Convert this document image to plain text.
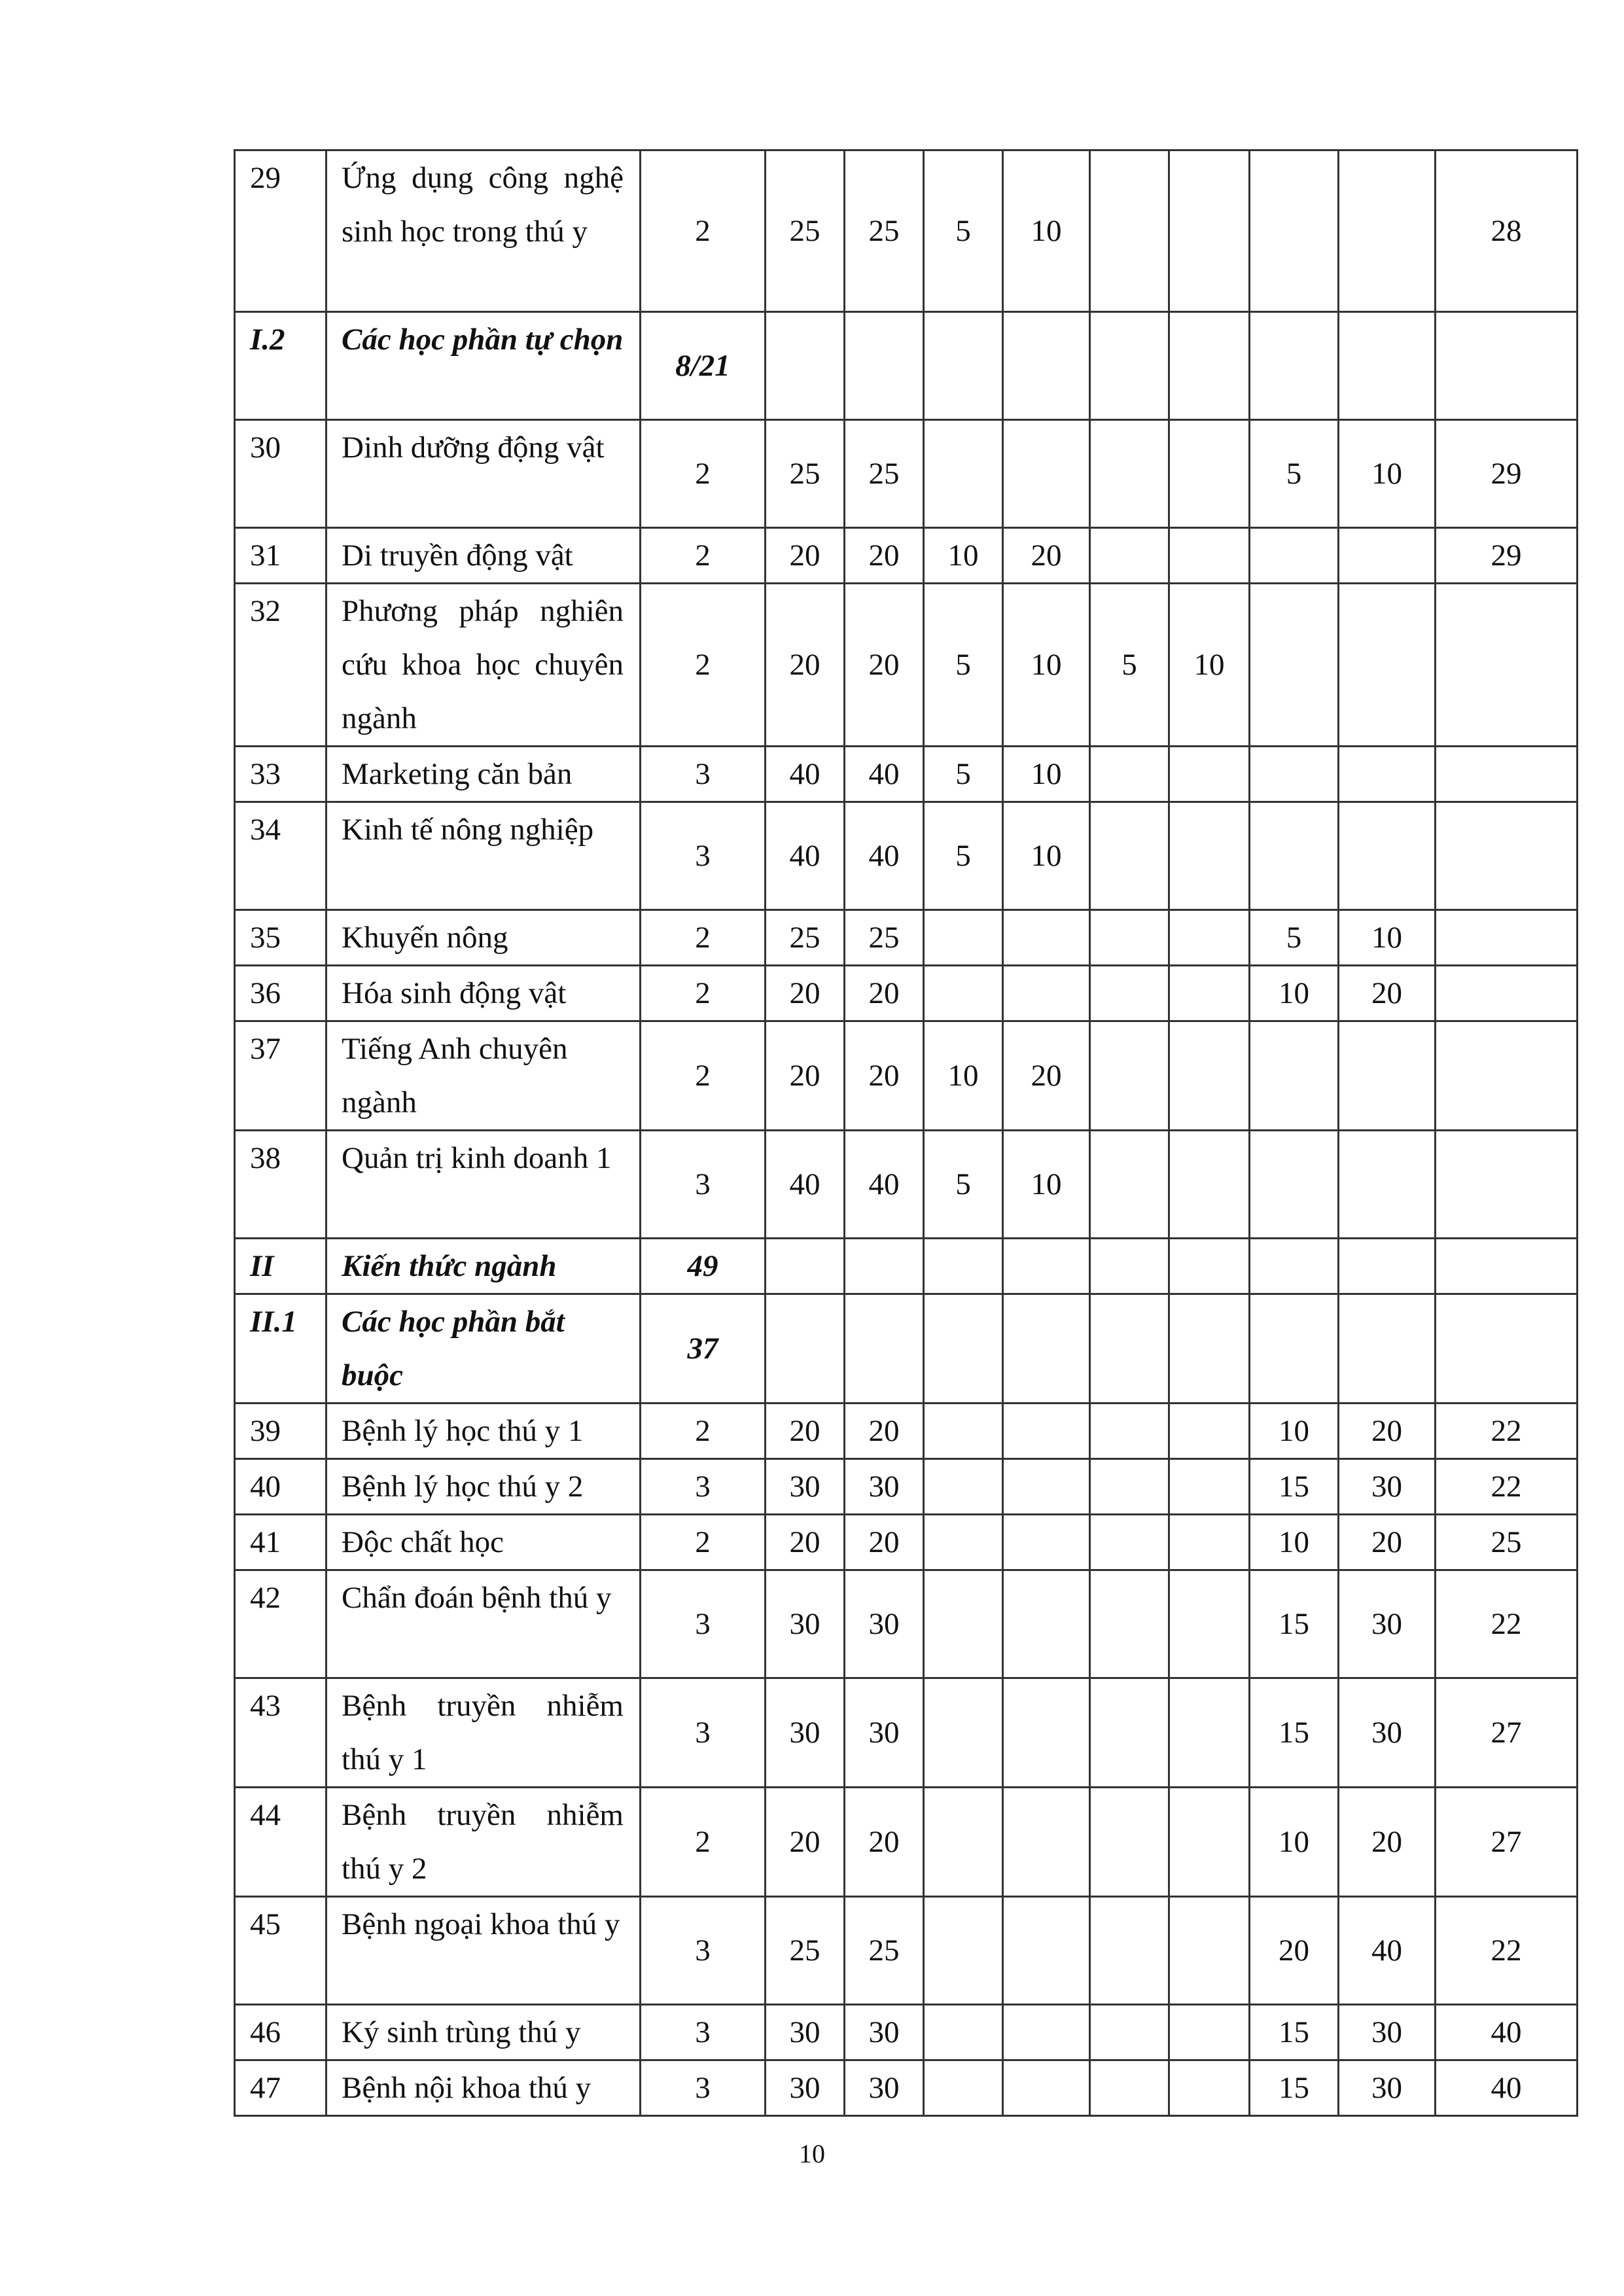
29	Ứng dụng công nghệ sinh học trong thú y	2	25	25	5	10					28
I.2	Các học phần tự chọn	8/21									
30	Dinh dưỡng động vật	2	25	25					5	10	29
31	Di truyền động vật	2	20	20	10	20					29
32	Phương pháp nghiên cứu khoa học chuyên ngành	2	20	20	5	10	5	10			
33	Marketing căn bản	3	40	40	5	10					
34	Kinh tế nông nghiệp	3	40	40	5	10					
35	Khuyến nông	2	25	25					5	10	
36	Hóa sinh động vật	2	20	20					10	20	
37	Tiếng Anh chuyên ngành	2	20	20	10	20					
38	Quản trị kinh doanh 1	3	40	40	5	10					
II	Kiến thức ngành	49									
II.1	Các học phần bắt buộc	37									
39	Bệnh lý học thú y 1	2	20	20					10	20	22
40	Bệnh lý học thú y 2	3	30	30					15	30	22
41	Độc chất học	2	20	20					10	20	25
42	Chẩn đoán bệnh thú y	3	30	30					15	30	22
43	Bệnh truyền nhiễm thú y 1	3	30	30					15	30	27
44	Bệnh truyền nhiễm thú y 2	2	20	20					10	20	27
45	Bệnh ngoại khoa thú y	3	25	25					20	40	22
46	Ký sinh trùng thú y	3	30	30					15	30	40
47	Bệnh nội khoa thú y	3	30	30					15	30	40
10
